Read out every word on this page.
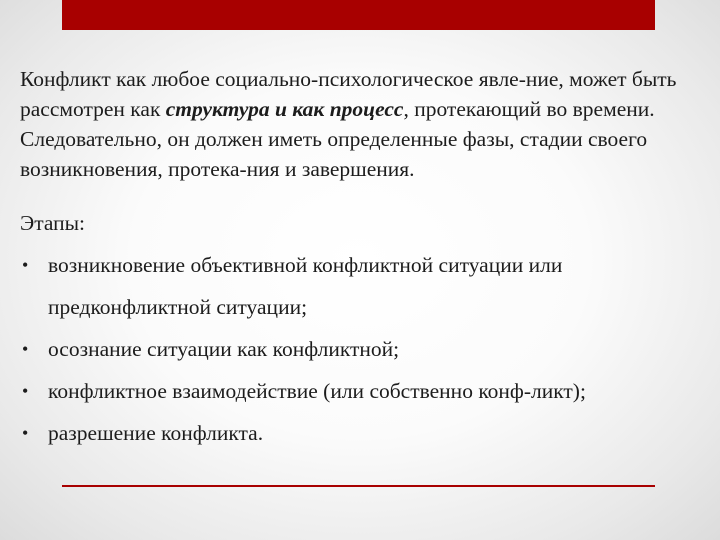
Конфликт как любое социально-психологическое явле-ние, может быть рассмотрен как структура и как процесс, протекающий во времени. Следовательно, он должен иметь определенные фазы, стадии своего возникновения, протека-ния и завершения.

Этапы:

• возникновение объективной конфликтной ситуации или предконфликтной ситуации;
• осознание ситуации как конфликтной;
• конфликтное взаимодействие (или собственно конф-ликт);
• разрешение конфликта.
